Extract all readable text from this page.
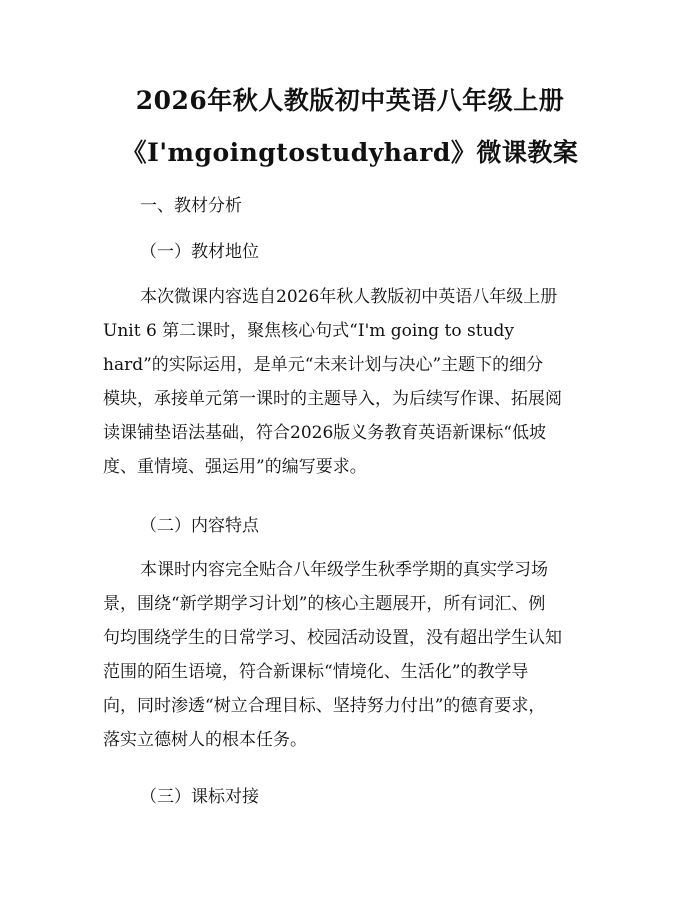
2026年秋人教版初中英语八年级上册
《I'mgoingtostudyhard》微课教案
一、教材分析
（一）教材地位
本次微课内容选自2026年秋人教版初中英语八年级上册
Unit 6 第二课时，聚焦核心句式“I'm going to study
hard”的实际运用，是单元“未来计划与决心”主题下的细分
模块，承接单元第一课时的主题导入，为后续写作课、拓展阅
读课铺垫语法基础，符合2026版义务教育英语新课标“低坡
度、重情境、强运用”的编写要求。
（二）内容特点
本课时内容完全贴合八年级学生秋季学期的真实学习场
景，围绕“新学期学习计划”的核心主题展开，所有词汇、例
句均围绕学生的日常学习、校园活动设置，没有超出学生认知
范围的陌生语境，符合新课标“情境化、生活化”的教学导
向，同时渗透“树立合理目标、坚持努力付出”的德育要求，
落实立德树人的根本任务。
（三）课标对接
